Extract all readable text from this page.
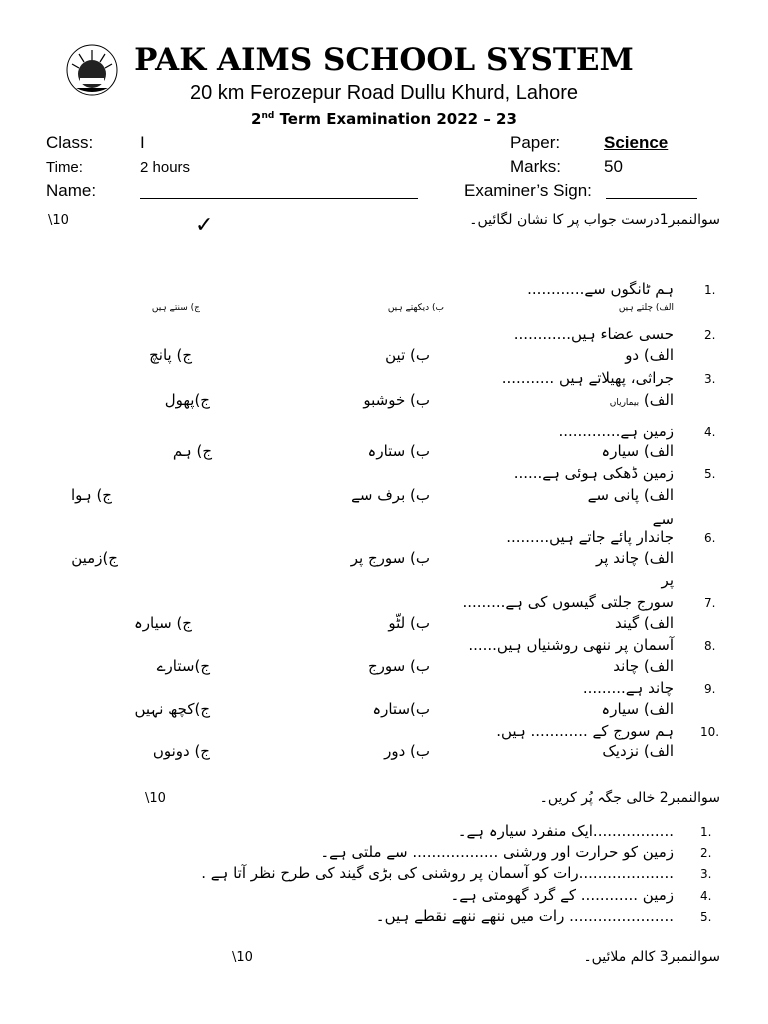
PAK AIMS SCHOOL SYSTEM
20 km Ferozepur Road Dullu Khurd, Lahore
2nd Term Examination 2022 – 23
Class:	I
Time:	2 hours
Name:
Paper:	Science
Marks:	50
Examiner’s Sign:
سوالنمبر1درست جواب پر کا نشان لگائیں۔
\10	✓
1.
ہم ٹانگوں سے............
الف) چلتے ہیں
ب) دیکھتے ہیں
ج) سنتے ہیں
2.
حسی عضاء ہیں............
الف) دو
ب) تین
ج) پانچ
3.
جراثی، پھیلاتے ہیں ...........
الف) بیماریاں
ب) خوشبو
ج)پھول
4.
زمین ہے.............
الف) سیارہ
ب) ستارہ
ج) ہم
5.
زمین ڈھکی ہوئی ہے......
الف) پانی سے
ب) برف سے
ج) ہوا
سے
6.
جاندار پائے جاتے ہیں.........
الف) چاند پر
ب) سورج پر
ج)زمین
پر
7.
سورج جلتی گیسوں کی ہے.........
الف) گیند
ب) لٹّو
ج) سیارہ
8.
آسمان پر ننھی روشنیاں ہیں......
الف) چاند
ب) سورج
ج)ستارے
9.
چاند ہے.........
الف) سیارہ
ب)ستارہ
ج)کچھ نہیں
10.
ہم سورج کے ............ ہیں.
الف) نزدیک
ب) دور
ج) دونوں
سوالنمبر2 خالی جگہ پُر کریں۔
\10
1.
.................ایک منفرد سیارہ ہے۔
2.
زمین کو حرارت اور ورشنی .................. سے ملتی ہے۔
3.
....................رات کو آسمان پر روشنی کی بڑی گیند کی طرح نظر آتا ہے .
4.
زمین ............ کے گرد گھومتی ہے۔
5.
...................... رات میں ننھے ننھے نقطے ہیں۔
سوالنمبر3 کالم ملائیں۔
\10
